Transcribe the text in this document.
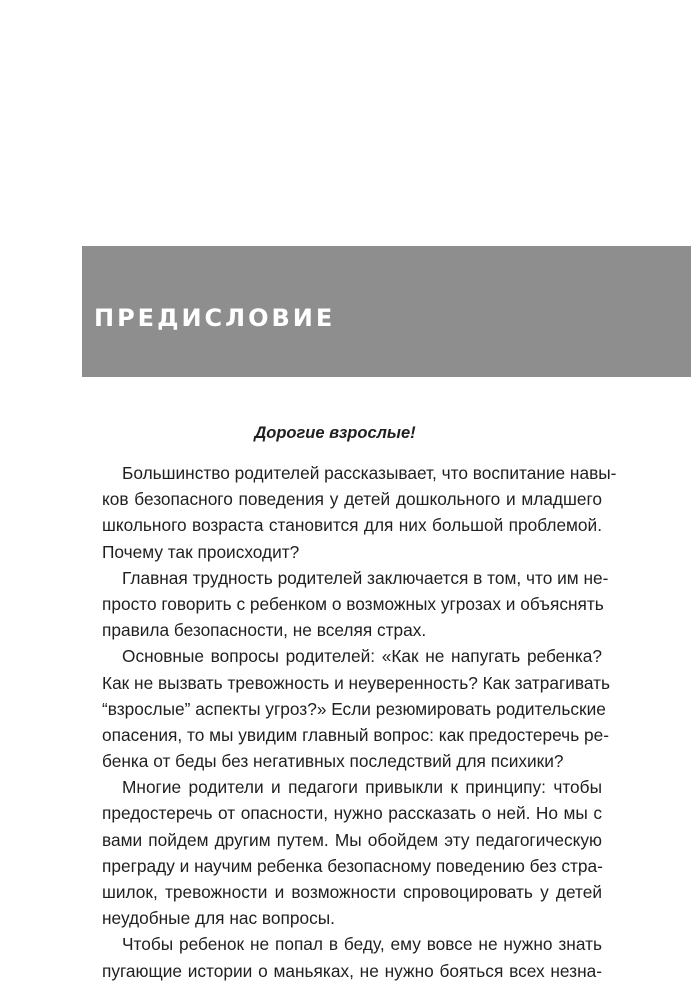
ПРЕДИСЛОВИЕ

Дорогие взрослые!

Большинство родителей рассказывает, что воспитание навы-
ков безопасного поведения у детей дошкольного и младшего
школьного возраста становится для них большой проблемой.
Почему так происходит?
Главная трудность родителей заключается в том, что им не-
просто говорить с ребенком о возможных угрозах и объяснять
правила безопасности, не вселяя страх.
Основные вопросы родителей: «Как не напугать ребенка?
Как не вызвать тревожность и неуверенность? Как затрагивать
“взрослые” аспекты угроз?» Если резюмировать родительские
опасения, то мы увидим главный вопрос: как предостеречь ре-
бенка от беды без негативных последствий для психики?
Многие родители и педагоги привыкли к принципу: чтобы
предостеречь от опасности, нужно рассказать о ней. Но мы с
вами пойдем другим путем. Мы обойдем эту педагогическую
преграду и научим ребенка безопасному поведению без стра-
шилок, тревожности и возможности спровоцировать у детей
неудобные для нас вопросы.
Чтобы ребенок не попал в беду, ему вовсе не нужно знать
пугающие истории о маньяках, не нужно бояться всех незна-
